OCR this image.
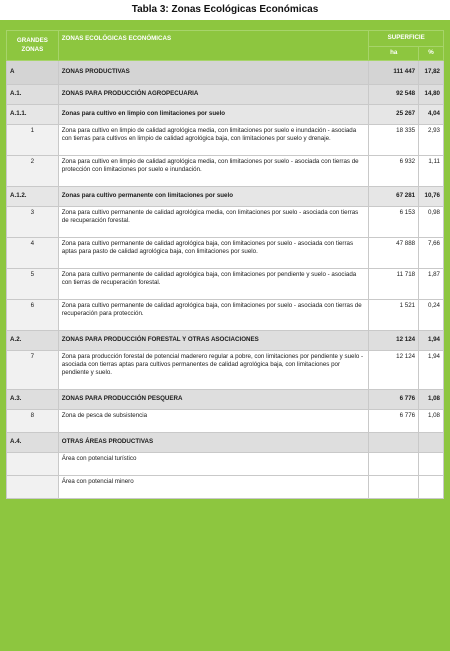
Tabla 3: Zonas Ecológicas Económicas
GRANDES ZONAS	ZONAS ECOLÓGICAS ECONÓMICAS	SUPERFICIE	
		ha	%
A	ZONAS PRODUCTIVAS	111 447	17,82
A.1.	ZONAS PARA PRODUCCIÓN AGROPECUARIA	92 548	14,80
A.1.1.	Zonas para cultivo en limpio con limitaciones por suelo	25 267	4,04
1	Zona para cultivo en limpio de calidad agrológica media, con limitaciones por suelo e inundación - asociada con tierras para cultivos en limpio de calidad agrológica baja, con limitaciones por suelo y drenaje.	18 335	2,93
2	Zona para cultivo en limpio de calidad agrológica media, con limitaciones por suelo - asociada con tierras de protección con limitaciones por suelo e inundación.	6 932	1,11
A.1.2.	Zonas para cultivo permanente con limitaciones por suelo	67 281	10,76
3	Zona para cultivo permanente de calidad agrológica media, con limitaciones por suelo - asociada con tierras de recuperación forestal.	6 153	0,98
4	Zona para cultivo permanente de calidad agrológica baja, con limitaciones por suelo - asociada con tierras aptas para pasto de calidad agrológica baja, con limitaciones por suelo.	47 888	7,66
5	Zona para cultivo permanente de calidad agrológica baja, con limitaciones por pendiente y suelo - asociada con tierras de recuperación forestal.	11 718	1,87
6	Zona para cultivo permanente de calidad agrológica baja, con limitaciones por suelo - asociada con tierras de recuperación para protección.	1 521	0,24
A.2.	ZONAS PARA PRODUCCIÓN FORESTAL Y OTRAS ASOCIACIONES	12 124	1,94
7	Zona para producción forestal de potencial maderero regular a pobre, con limitaciones por pendiente y suelo - asociada con tierras aptas para cultivos permanentes de calidad agrológica baja, con limitaciones por pendiente y suelo.	12 124	1,94
A.3.	ZONAS PARA PRODUCCIÓN PESQUERA	6 776	1,08
8	Zona de pesca de subsistencia	6 776	1,08
A.4.	OTRAS ÁREAS PRODUCTIVAS		
	Área con potencial turístico		
	Área con potencial minero		
